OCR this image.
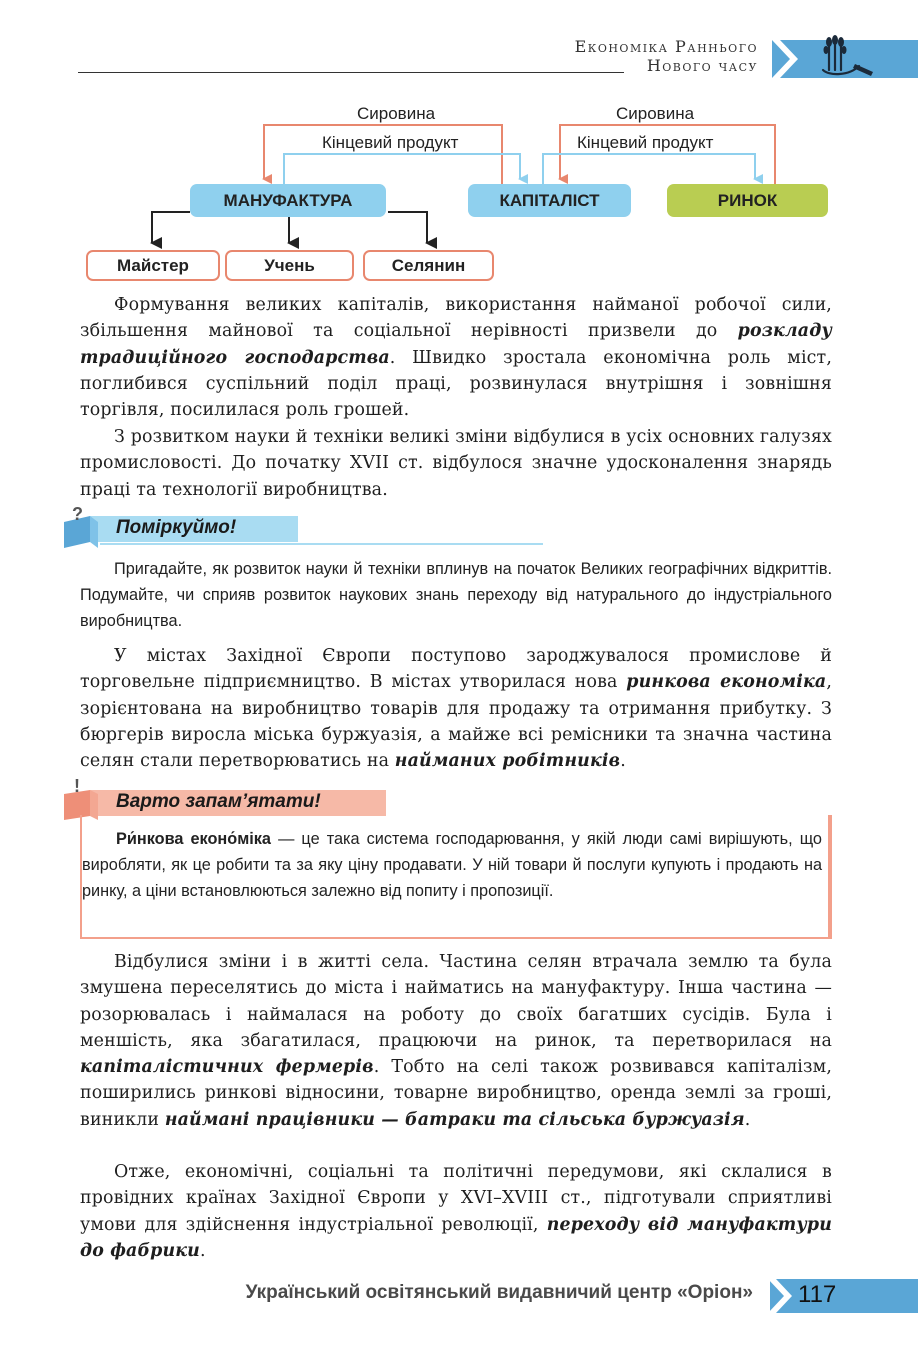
Економіка Раннього
Нового часу
Сировина
Кінцевий продукт
Сировина
Кінцевий продукт
МАНУФАКТУРА	КАПІТАЛІСТ	РИНОК
Майстер	Учень	Селянин

Формування великих капіталів, використання найманої робочої сили, збільшення майнової та соціальної нерівності призвели до розкладу традиційного господарства. Швидко зростала економічна роль міст, поглибився суспільний поділ праці, розвинулася внутрішня і зовнішня торгівля, посилилася роль грошей.

З розвитком науки й техніки великі зміни відбулися в усіх основних галузях промисловості. До початку XVII ст. відбулося значне удосконалення знарядь праці та технології виробництва.

?
Поміркуймо!

Пригадайте, як розвиток науки й техніки вплинув на початок Великих географічних відкриттів. Подумайте, чи сприяв розвиток наукових знань переходу від натурального до індустріального виробництва.

У містах Західної Європи поступово зароджувалося промислове й торговельне підприємництво. В містах утворилася нова ринкова економіка, зорієнтована на виробництво товарів для продажу та отримання прибутку. З бюргерів виросла міська буржуазія, а майже всі ремісники та значна частина селян стали перетворюватись на найманих робітників.

!
Варто запам’ятати!

Ри́нкова еконо́міка — це така система господарювання, у якій люди самі вирішують, що виробляти, як це робити та за яку ціну продавати. У ній товари й послуги купують і продають на ринку, а ціни встановлюються залежно від попиту і пропозиції.

Відбулися зміни і в житті села. Частина селян втрачала землю та була змушена переселятись до міста і найматись на мануфактуру. Інша частина — розорювалась і наймалася на роботу до своїх багатших сусідів. Була і меншість, яка збагатилася, працюючи на ринок, та перетворилася на капіталістичних фермерів. Тобто на селі також розвивався капіталізм, поширились ринкові відносини, товарне виробництво, оренда землі за гроші, виникли наймані працівники — батраки та сільська буржуазія.

Отже, економічні, соціальні та політичні передумови, які склалися в провідних країнах Західної Європи у XVI–XVIII ст., підготували сприятливі умови для здійснення індустріальної революції, переходу від мануфактури до фабрики.

Український освітянський видавничий центр «Оріон» 117
